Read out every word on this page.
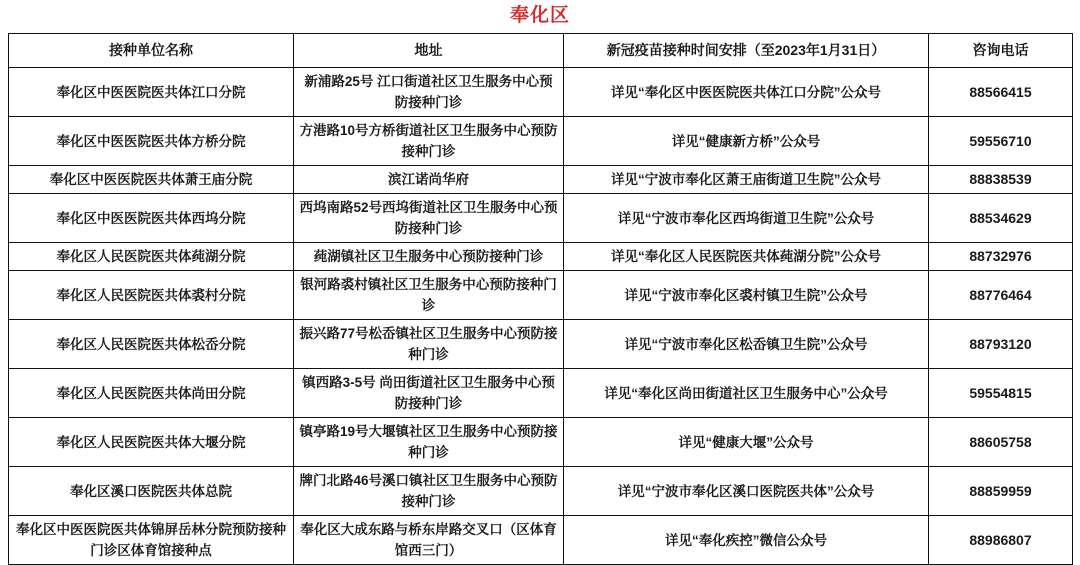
奉化区
接种单位名称	地址	新冠疫苗接种时间安排（至2023年1月31日）	咨询电话
奉化区中医医院医共体江口分院	新浦路25号 江口街道社区卫生服务中心预防接种门诊	详见“奉化区中医医院医共体江口分院”公众号	88566415
奉化区中医医院医共体方桥分院	方港路10号方桥街道社区卫生服务中心预防接种门诊	详见“健康新方桥”公众号	59556710
奉化区中医医院医共体萧王庙分院	滨江诺尚华府	详见“宁波市奉化区萧王庙街道卫生院”公众号	88838539
奉化区中医医院医共体西坞分院	西坞南路52号西坞街道社区卫生服务中心预防接种门诊	详见“宁波市奉化区西坞街道卫生院”公众号	88534629
奉化区人民医院医共体莼湖分院	莼湖镇社区卫生服务中心预防接种门诊	详见“奉化区人民医院医共体莼湖分院”公众号	88732976
奉化区人民医院医共体裘村分院	银河路裘村镇社区卫生服务中心预防接种门诊	详见“宁波市奉化区裘村镇卫生院”公众号	88776464
奉化区人民医院医共体松岙分院	振兴路77号松岙镇社区卫生服务中心预防接种门诊	详见“宁波市奉化区松岙镇卫生院”公众号	88793120
奉化区人民医院医共体尚田分院	镇西路3-5号 尚田街道社区卫生服务中心预防接种门诊	详见“奉化区尚田街道社区卫生服务中心”公众号	59554815
奉化区人民医院医共体大堰分院	镇亭路19号大堰镇社区卫生服务中心预防接种门诊	详见“健康大堰”公众号	88605758
奉化区溪口医院医共体总院	牌门北路46号溪口镇社区卫生服务中心预防接种门诊	详见“宁波市奉化区溪口医院医共体”公众号	88859959
奉化区中医医院医共体锦屏岳林分院预防接种门诊区体育馆接种点	奉化区大成东路与桥东岸路交叉口（区体育馆西三门）	详见“奉化疾控”微信公众号	88986807
